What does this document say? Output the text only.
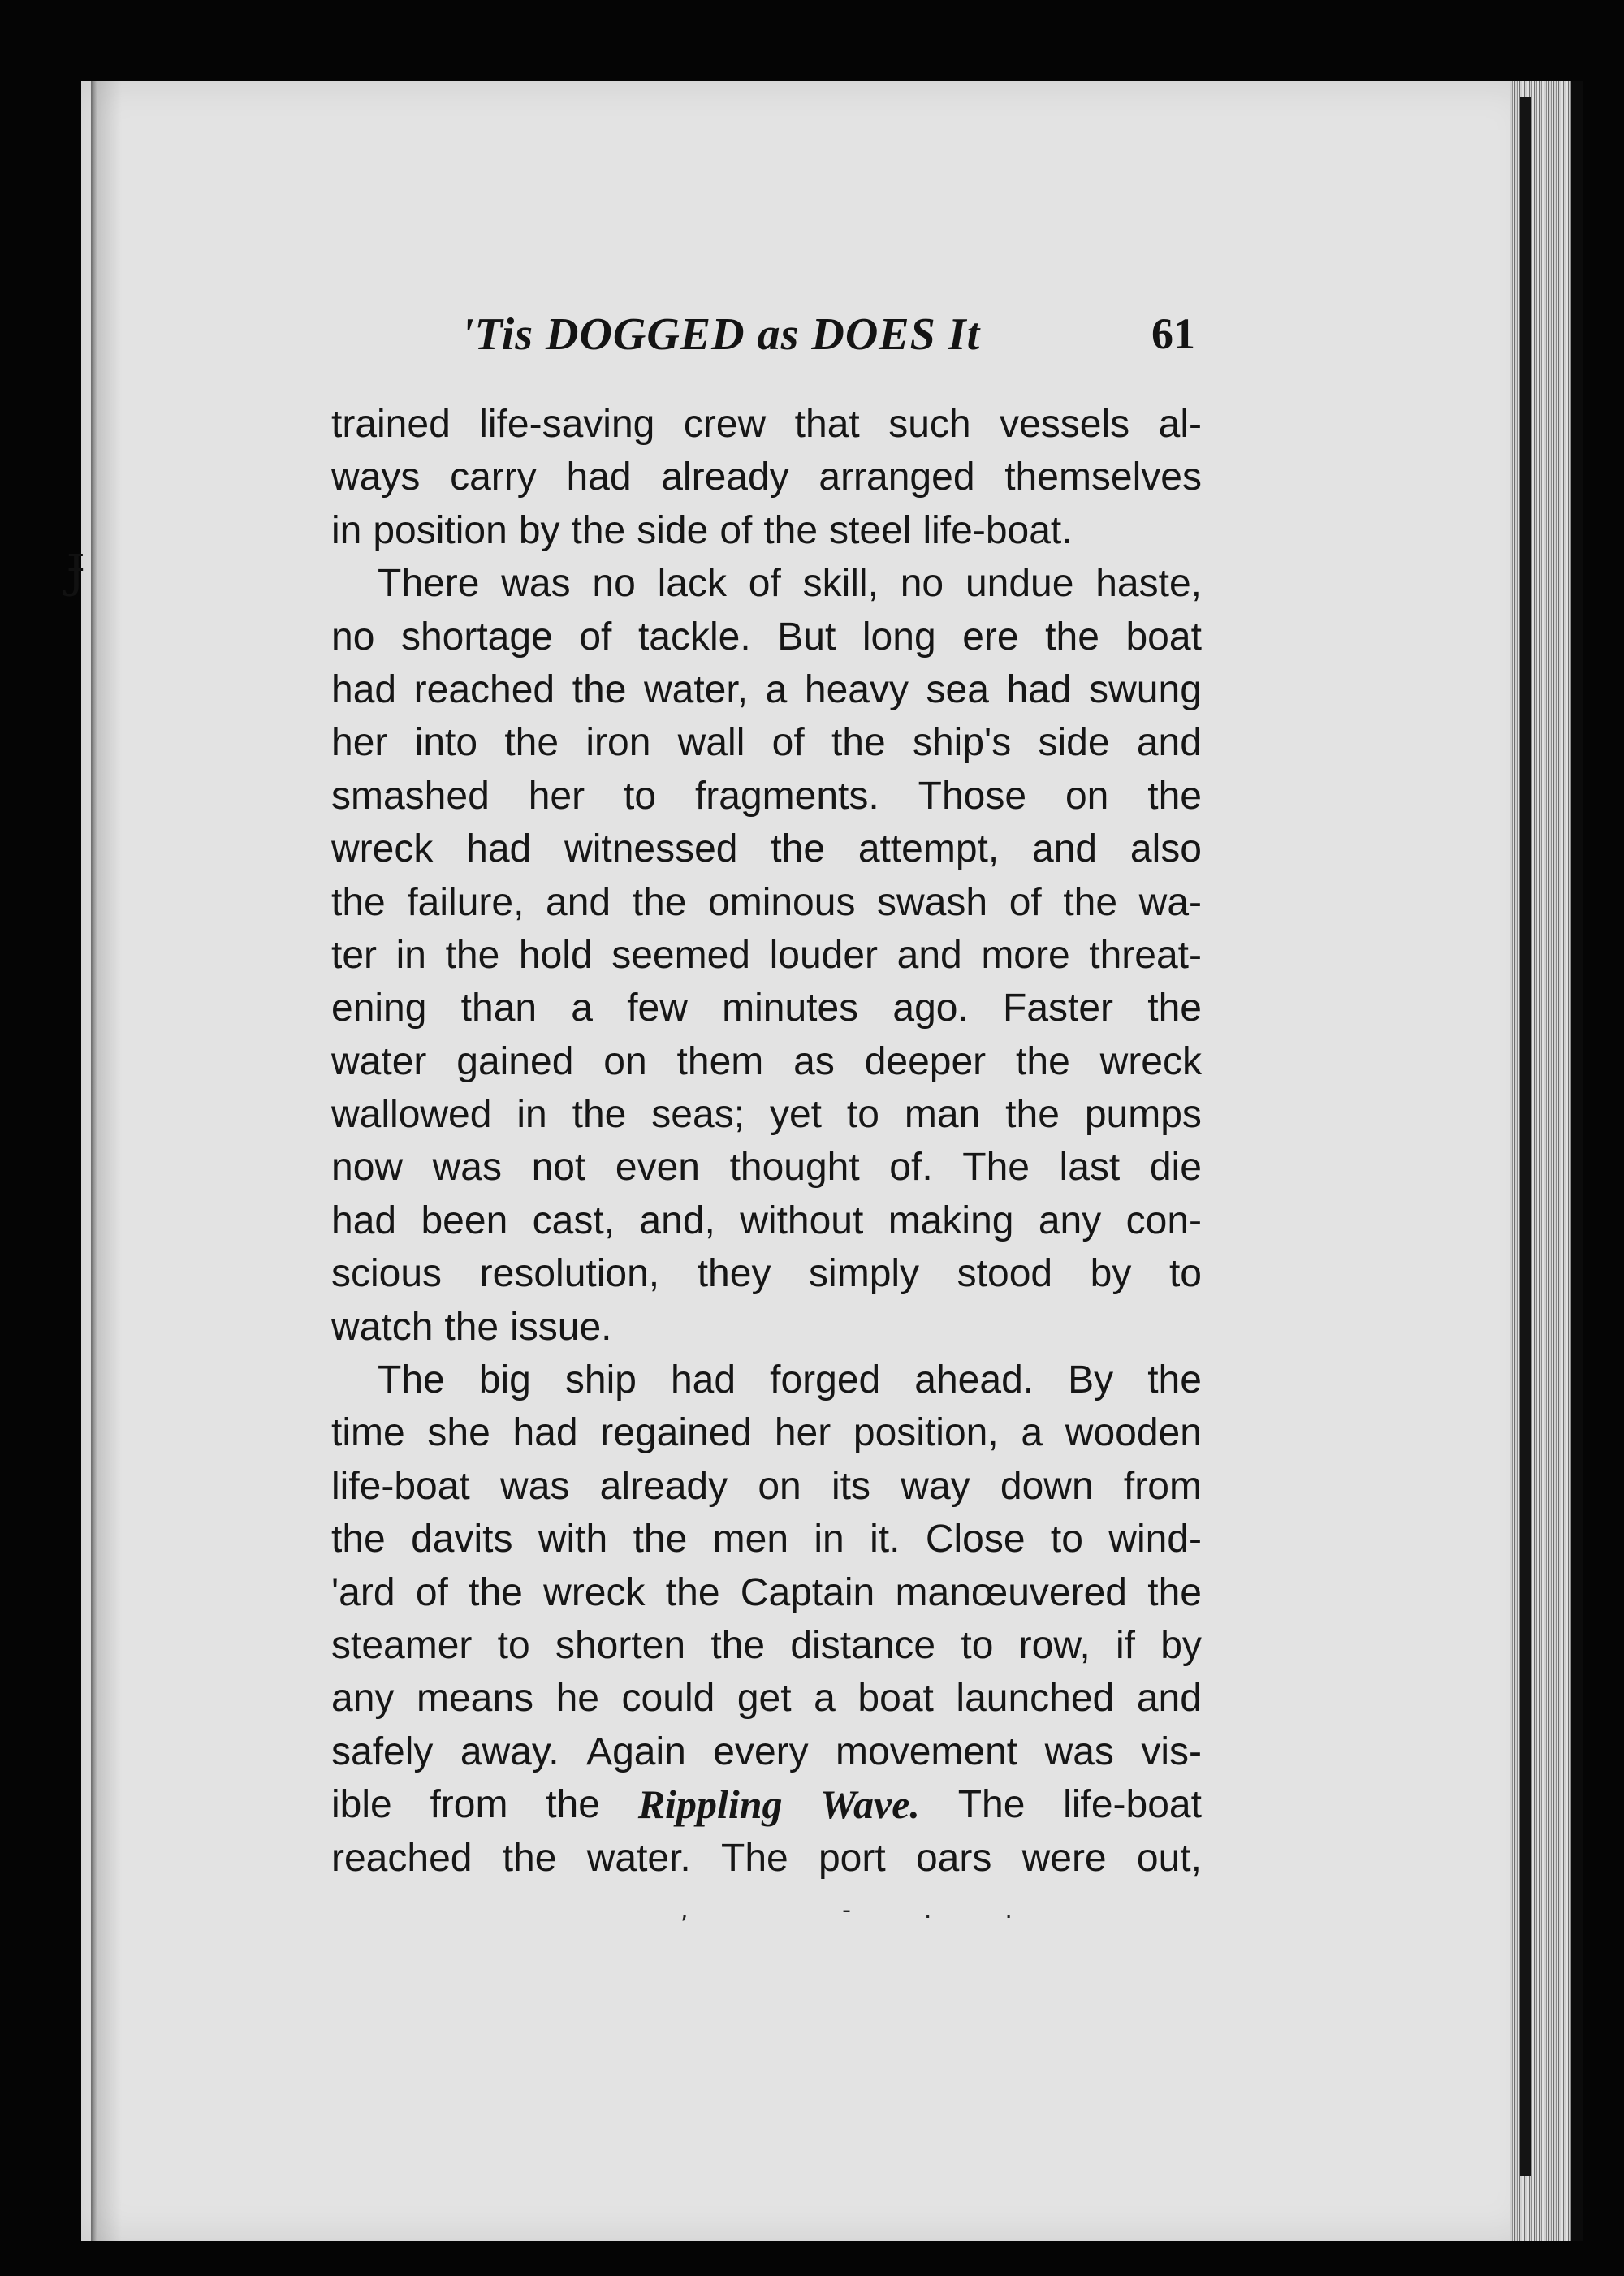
Ɉ
'Tis DOGGED as DOES It	61
trained life-saving crew that such vessels al-
ways carry had already arranged themselves
in position by the side of the steel life-boat.
There was no lack of skill, no undue haste,
no shortage of tackle. But long ere the boat
had reached the water, a heavy sea had swung
her into the iron wall of the ship's side and
smashed her to fragments. Those on the
wreck had witnessed the attempt, and also
the failure, and the ominous swash of the wa-
ter in the hold seemed louder and more threat-
ening than a few minutes ago. Faster the
water gained on them as deeper the wreck
wallowed in the seas; yet to man the pumps
now was not even thought of. The last die
had been cast, and, without making any con-
scious resolution, they simply stood by to
watch the issue.
The big ship had forged ahead. By the
time she had regained her position, a wooden
life-boat was already on its way down from
the davits with the men in it. Close to wind-
'ard of the wreck the Captain manœuvered the
steamer to shorten the distance to row, if by
any means he could get a boat launched and
safely away. Again every movement was vis-
ible from the Rippling Wave. The life-boat
reached the water. The port oars were out,
, -..
